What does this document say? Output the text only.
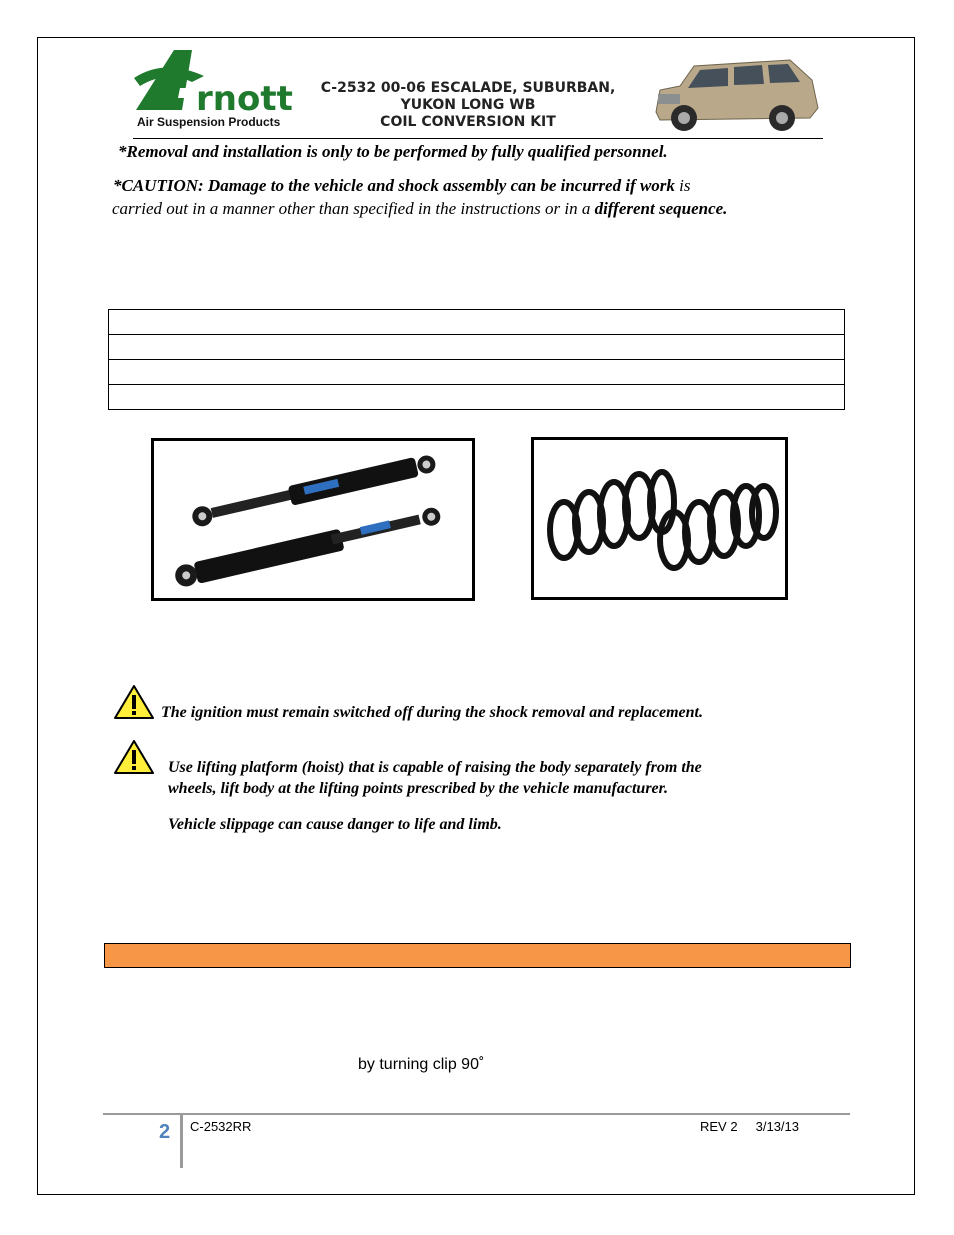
rnott
Air Suspension Products
C-2532 00-06 ESCALADE, SUBURBAN,
YUKON LONG WB
COIL CONVERSION KIT
*Removal and installation is only to be performed by fully qualified personnel.
*CAUTION: Damage to the vehicle and shock assembly can be incurred if work is
carried out in a manner other than specified in the instructions or in a different sequence.

The ignition must remain switched off during the shock removal and replacement.
Use lifting platform (hoist) that is capable of raising the body separately from the
wheels, lift body at the lifting points prescribed by the vehicle manufacturer.
Vehicle slippage can cause danger to life and limb.
by turning clip 90˚
2 C-2532RR	REV 2     3/13/13
